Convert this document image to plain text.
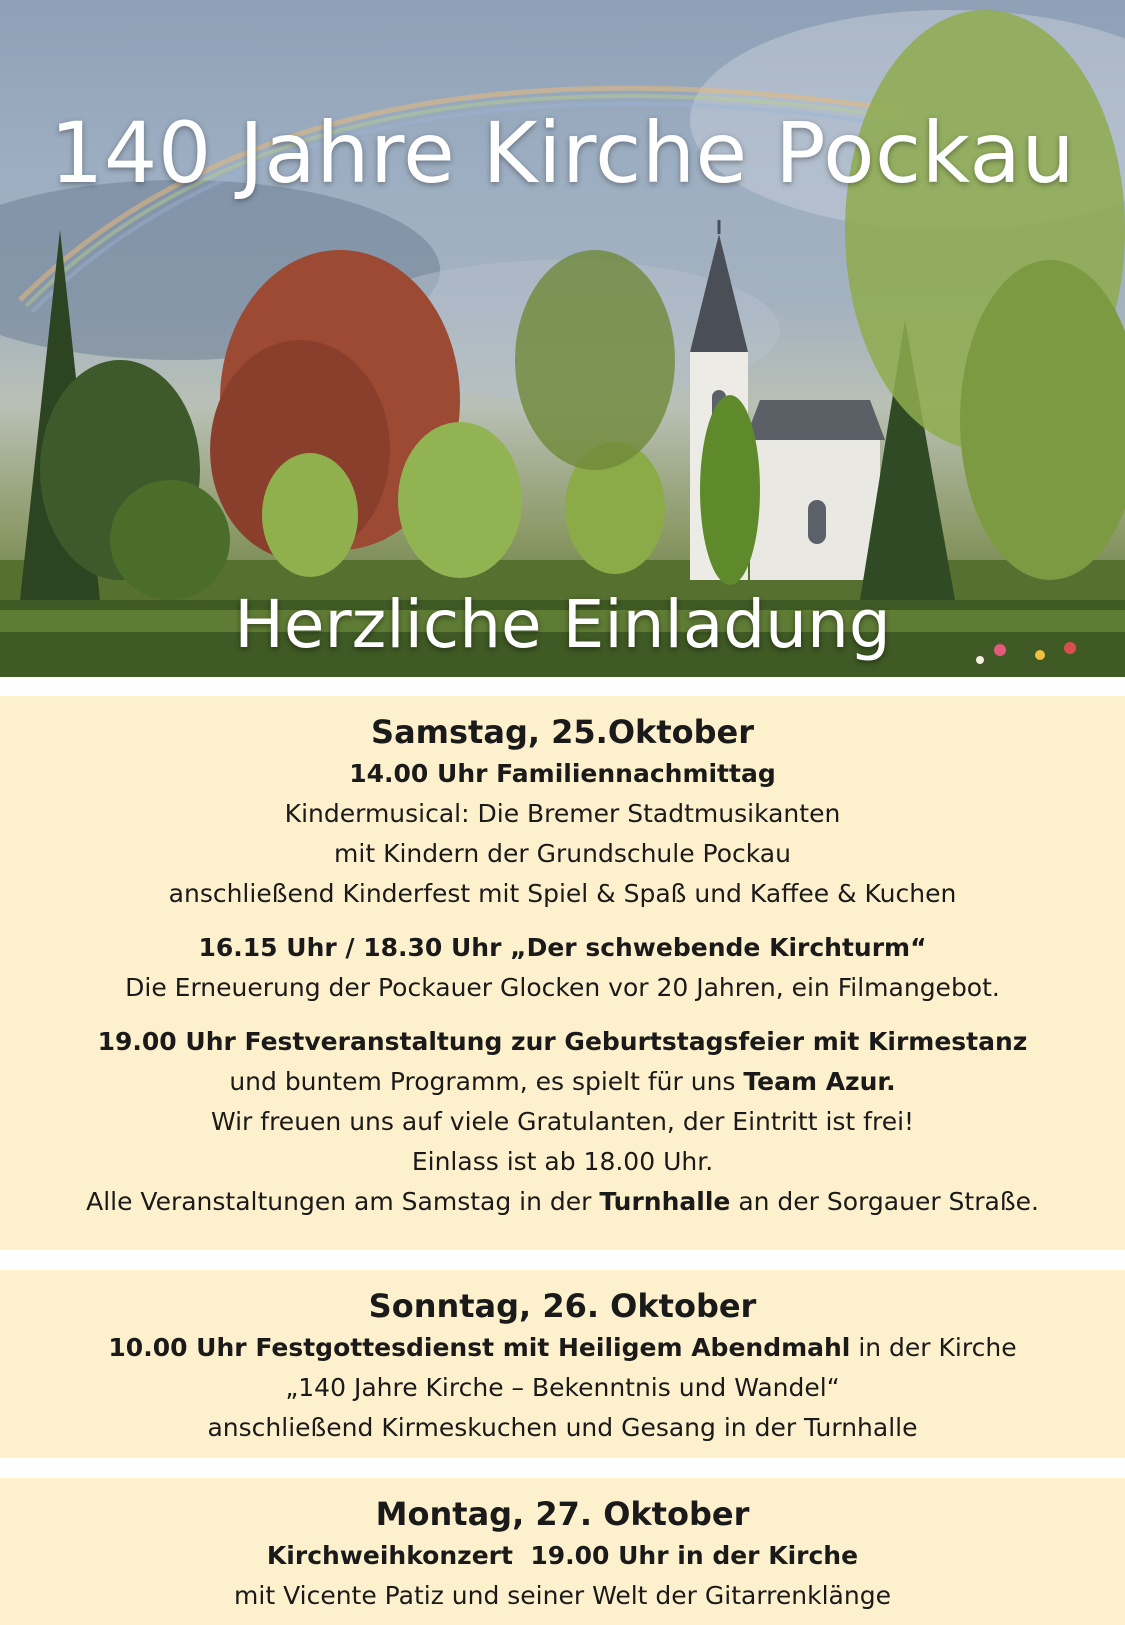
140 Jahre Kirche Pockau
Herzliche Einladung
Samstag, 25.Oktober
14.00 Uhr Familiennachmittag
Kindermusical: Die Bremer Stadtmusikanten
mit Kindern der Grundschule Pockau
anschließend Kinderfest mit Spiel & Spaß und Kaffee & Kuchen
16.15 Uhr / 18.30 Uhr „Der schwebende Kirchturm“
Die Erneuerung der Pockauer Glocken vor 20 Jahren, ein Filmangebot.
19.00 Uhr Festveranstaltung zur Geburtstagsfeier mit Kirmestanz
und buntem Programm, es spielt für uns Team Azur.
Wir freuen uns auf viele Gratulanten, der Eintritt ist frei!
Einlass ist ab 18.00 Uhr.
Alle Veranstaltungen am Samstag in der Turnhalle an der Sorgauer Straße.
Sonntag, 26. Oktober
10.00 Uhr Festgottesdienst mit Heiligem Abendmahl in der Kirche
„140 Jahre Kirche – Bekenntnis und Wandel“
anschließend Kirmeskuchen und Gesang in der Turnhalle
Montag, 27. Oktober
Kirchweihkonzert  19.00 Uhr in der Kirche
mit Vicente Patiz und seiner Welt der Gitarrenklänge
